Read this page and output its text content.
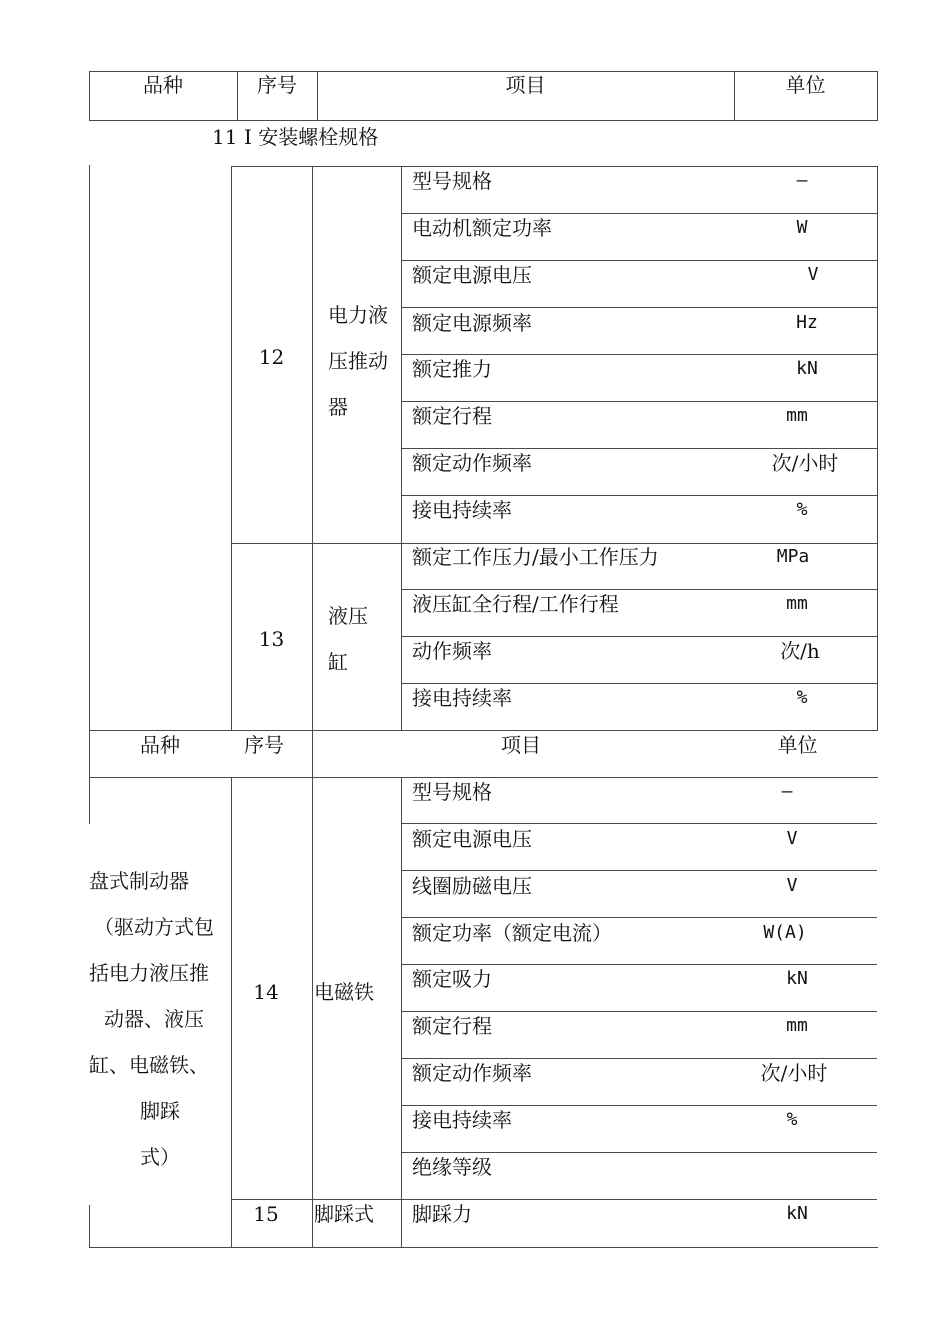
品种	序号	项目	单位
11 I 安装螺栓规格
12
电力液
压推动
器
型号规格	—
电动机额定功率	W
额定电源电压	V
额定电源频率	Hz
额定推力	kN
额定行程	mm
额定动作频率	次/小时
接电持续率	%
13
液压
缸
额定工作压力/最小工作压力	MPa
液压缸全行程/工作行程	mm
动作频率	次/h
接电持续率	%
品种	序号	项目	单位
盘式制动器
（驱动方式包
括电力液压推
动器、液压
缸、电磁铁、
脚踩
式）
14	电磁铁
型号规格	—
额定电源电压	V
线圈励磁电压	V
额定功率（额定电流）	W(A)
额定吸力	kN
额定行程	mm
额定动作频率	次/小时
接电持续率	%
绝缘等级
15	脚踩式 脚踩力	kN
